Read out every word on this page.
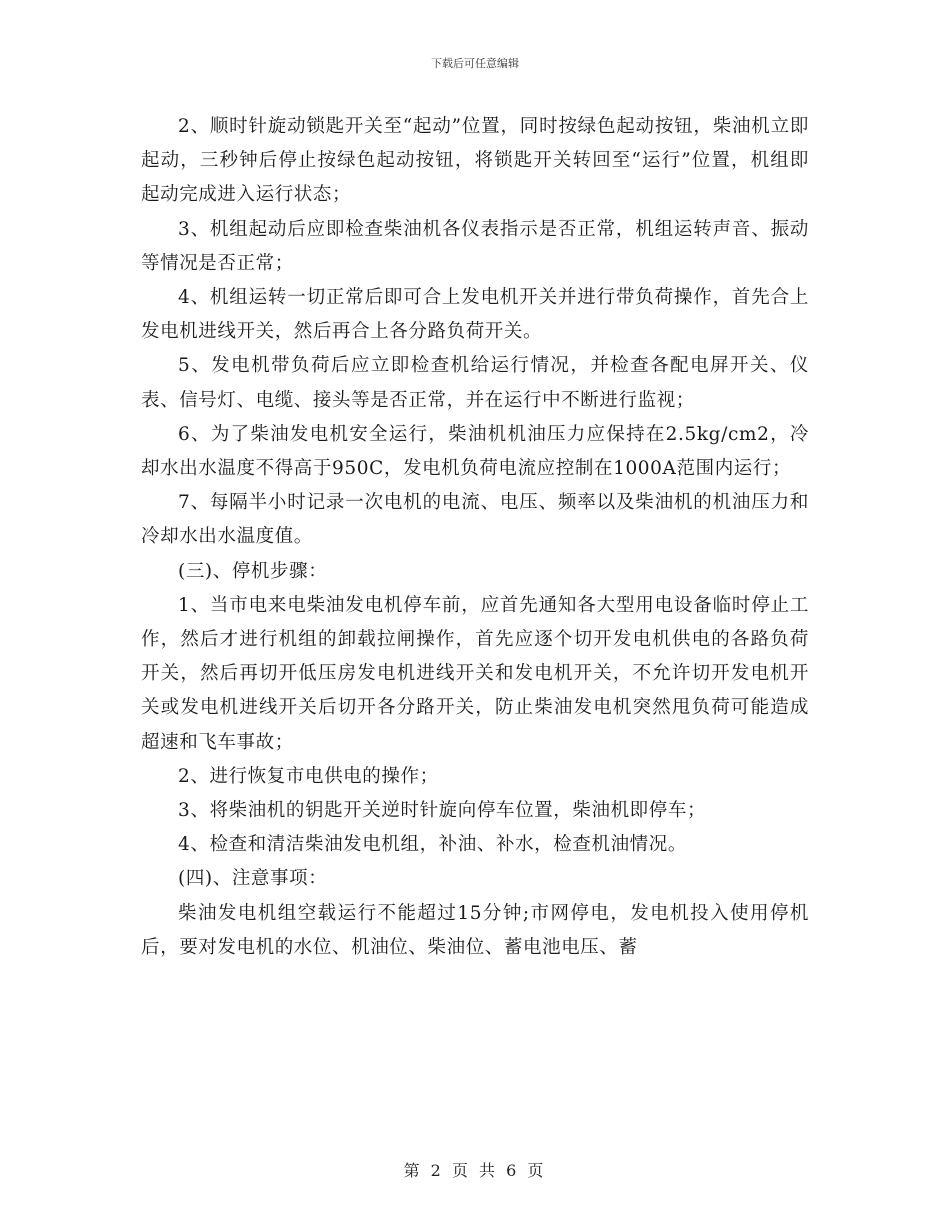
下载后可任意编辑

2、顺时针旋动锁匙开关至“起动”位置，同时按绿色起动按钮，柴油机立即起动，三秒钟后停止按绿色起动按钮，将锁匙开关转回至“运行”位置，机组即起动完成进入运行状态；

3、机组起动后应即检查柴油机各仪表指示是否正常，机组运转声音、振动等情况是否正常；

4、机组运转一切正常后即可合上发电机开关并进行带负荷操作，首先合上发电机进线开关，然后再合上各分路负荷开关。

5、发电机带负荷后应立即检查机给运行情况，并检查各配电屏开关、仪表、信号灯、电缆、接头等是否正常，并在运行中不断进行监视；

6、为了柴油发电机安全运行，柴油机机油压力应保持在2.5kg/cm2，冷却水出水温度不得高于950C，发电机负荷电流应控制在1000A范围内运行；

7、每隔半小时记录一次电机的电流、电压、频率以及柴油机的机油压力和冷却水出水温度值。

(三)、停机步骤：

1、当市电来电柴油发电机停车前，应首先通知各大型用电设备临时停止工作，然后才进行机组的卸载拉闸操作，首先应逐个切开发电机供电的各路负荷开关，然后再切开低压房发电机进线开关和发电机开关，不允许切开发电机开关或发电机进线开关后切开各分路开关，防止柴油发电机突然甩负荷可能造成超速和飞车事故；

2、进行恢复市电供电的操作；

3、将柴油机的钥匙开关逆时针旋向停车位置，柴油机即停车；

4、检查和清洁柴油发电机组，补油、补水，检查机油情况。

(四)、注意事项：

柴油发电机组空载运行不能超过15分钟;市网停电，发电机投入使用停机后，要对发电机的水位、机油位、柴油位、蓄电池电压、蓄

第 2 页 共 6 页
